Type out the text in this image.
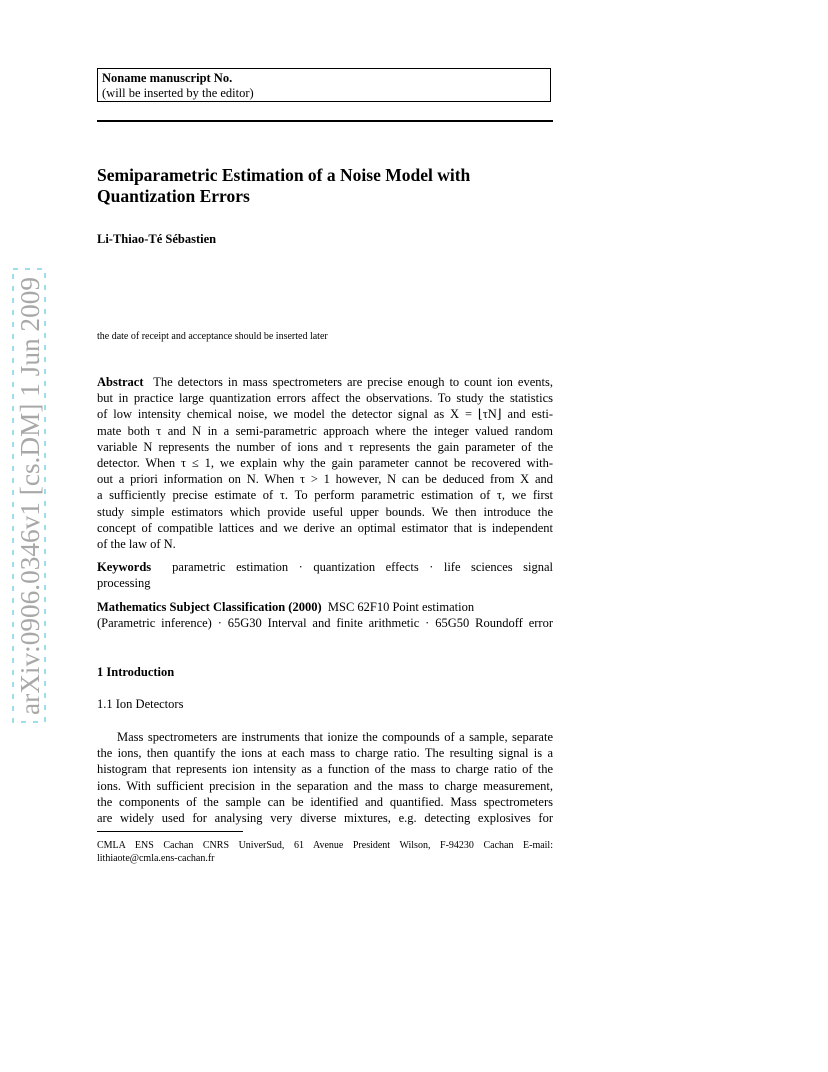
arXiv:0906.0346v1 [cs.DM] 1 Jun 2009
Noname manuscript No.
(will be inserted by the editor)
Semiparametric Estimation of a Noise Model with
Quantization Errors
Li-Thiao-Té Sébastien
the date of receipt and acceptance should be inserted later
Abstract The detectors in mass spectrometers are precise enough to count ion events,
but in practice large quantization errors affect the observations. To study the statistics
of low intensity chemical noise, we model the detector signal as X = ⌊τN⌋ and esti-
mate both τ and N in a semi-parametric approach where the integer valued random
variable N represents the number of ions and τ represents the gain parameter of the
detector. When τ ≤ 1, we explain why the gain parameter cannot be recovered with-
out a priori information on N. When τ > 1 however, N can be deduced from X and
a sufficiently precise estimate of τ. To perform parametric estimation of τ, we first
study simple estimators which provide useful upper bounds. We then introduce the
concept of compatible lattices and we derive an optimal estimator that is independent
of the law of N.
Keywords parametric estimation · quantization effects · life sciences signal
processing
Mathematics Subject Classification (2000) MSC 62F10 Point estimation
(Parametric inference) · 65G30 Interval and finite arithmetic · 65G50 Roundoff error
1 Introduction
1.1 Ion Detectors
Mass spectrometers are instruments that ionize the compounds of a sample, separate
the ions, then quantify the ions at each mass to charge ratio. The resulting signal is a
histogram that represents ion intensity as a function of the mass to charge ratio of the
ions. With sufficient precision in the separation and the mass to charge measurement,
the components of the sample can be identified and quantified. Mass spectrometers
are widely used for analysing very diverse mixtures, e.g. detecting explosives for
CMLA ENS Cachan CNRS UniverSud, 61 Avenue President Wilson, F-94230 Cachan E-mail:
lithiaote@cmla.ens-cachan.fr
